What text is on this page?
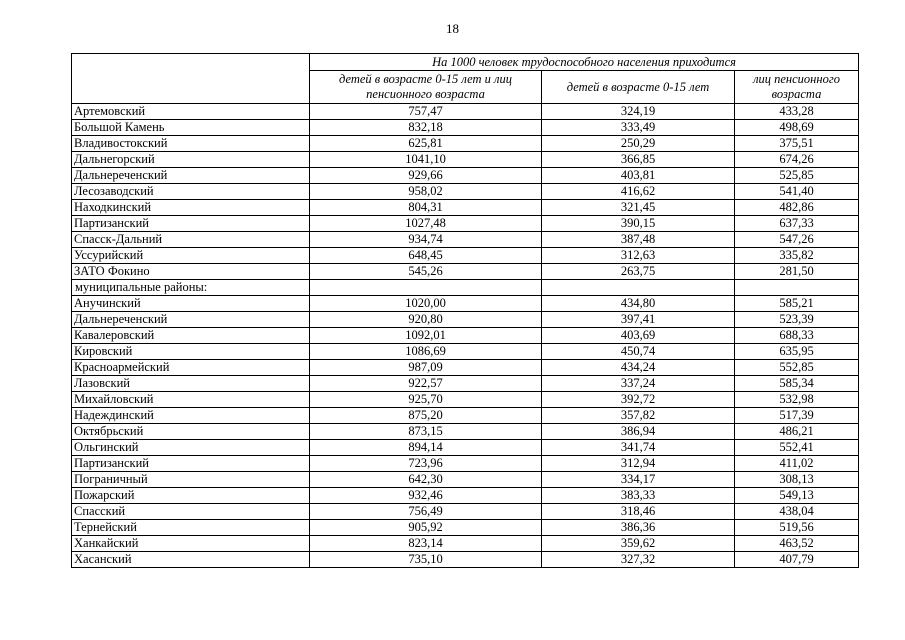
18
	На 1000 человек трудоспособного населения приходится		
	детей в возрасте 0-15 лет и лиц пенсионного возраста	детей в возрасте 0-15 лет	лиц пенсионного возраста
Артемовский	757,47	324,19	433,28
Большой Камень	832,18	333,49	498,69
Владивостокский	625,81	250,29	375,51
Дальнегорский	1041,10	366,85	674,26
Дальнереченский	929,66	403,81	525,85
Лесозаводский	958,02	416,62	541,40
Находкинский	804,31	321,45	482,86
Партизанский	1027,48	390,15	637,33
Спасск-Дальний	934,74	387,48	547,26
Уссурийский	648,45	312,63	335,82
ЗАТО Фокино	545,26	263,75	281,50
муниципальные районы:			
Анучинский	1020,00	434,80	585,21
Дальнереченский	920,80	397,41	523,39
Кавалеровский	1092,01	403,69	688,33
Кировский	1086,69	450,74	635,95
Красноармейский	987,09	434,24	552,85
Лазовский	922,57	337,24	585,34
Михайловский	925,70	392,72	532,98
Надеждинский	875,20	357,82	517,39
Октябрьский	873,15	386,94	486,21
Ольгинский	894,14	341,74	552,41
Партизанский	723,96	312,94	411,02
Пограничный	642,30	334,17	308,13
Пожарский	932,46	383,33	549,13
Спасский	756,49	318,46	438,04
Тернейский	905,92	386,36	519,56
Ханкайский	823,14	359,62	463,52
Хасанский	735,10	327,32	407,79
